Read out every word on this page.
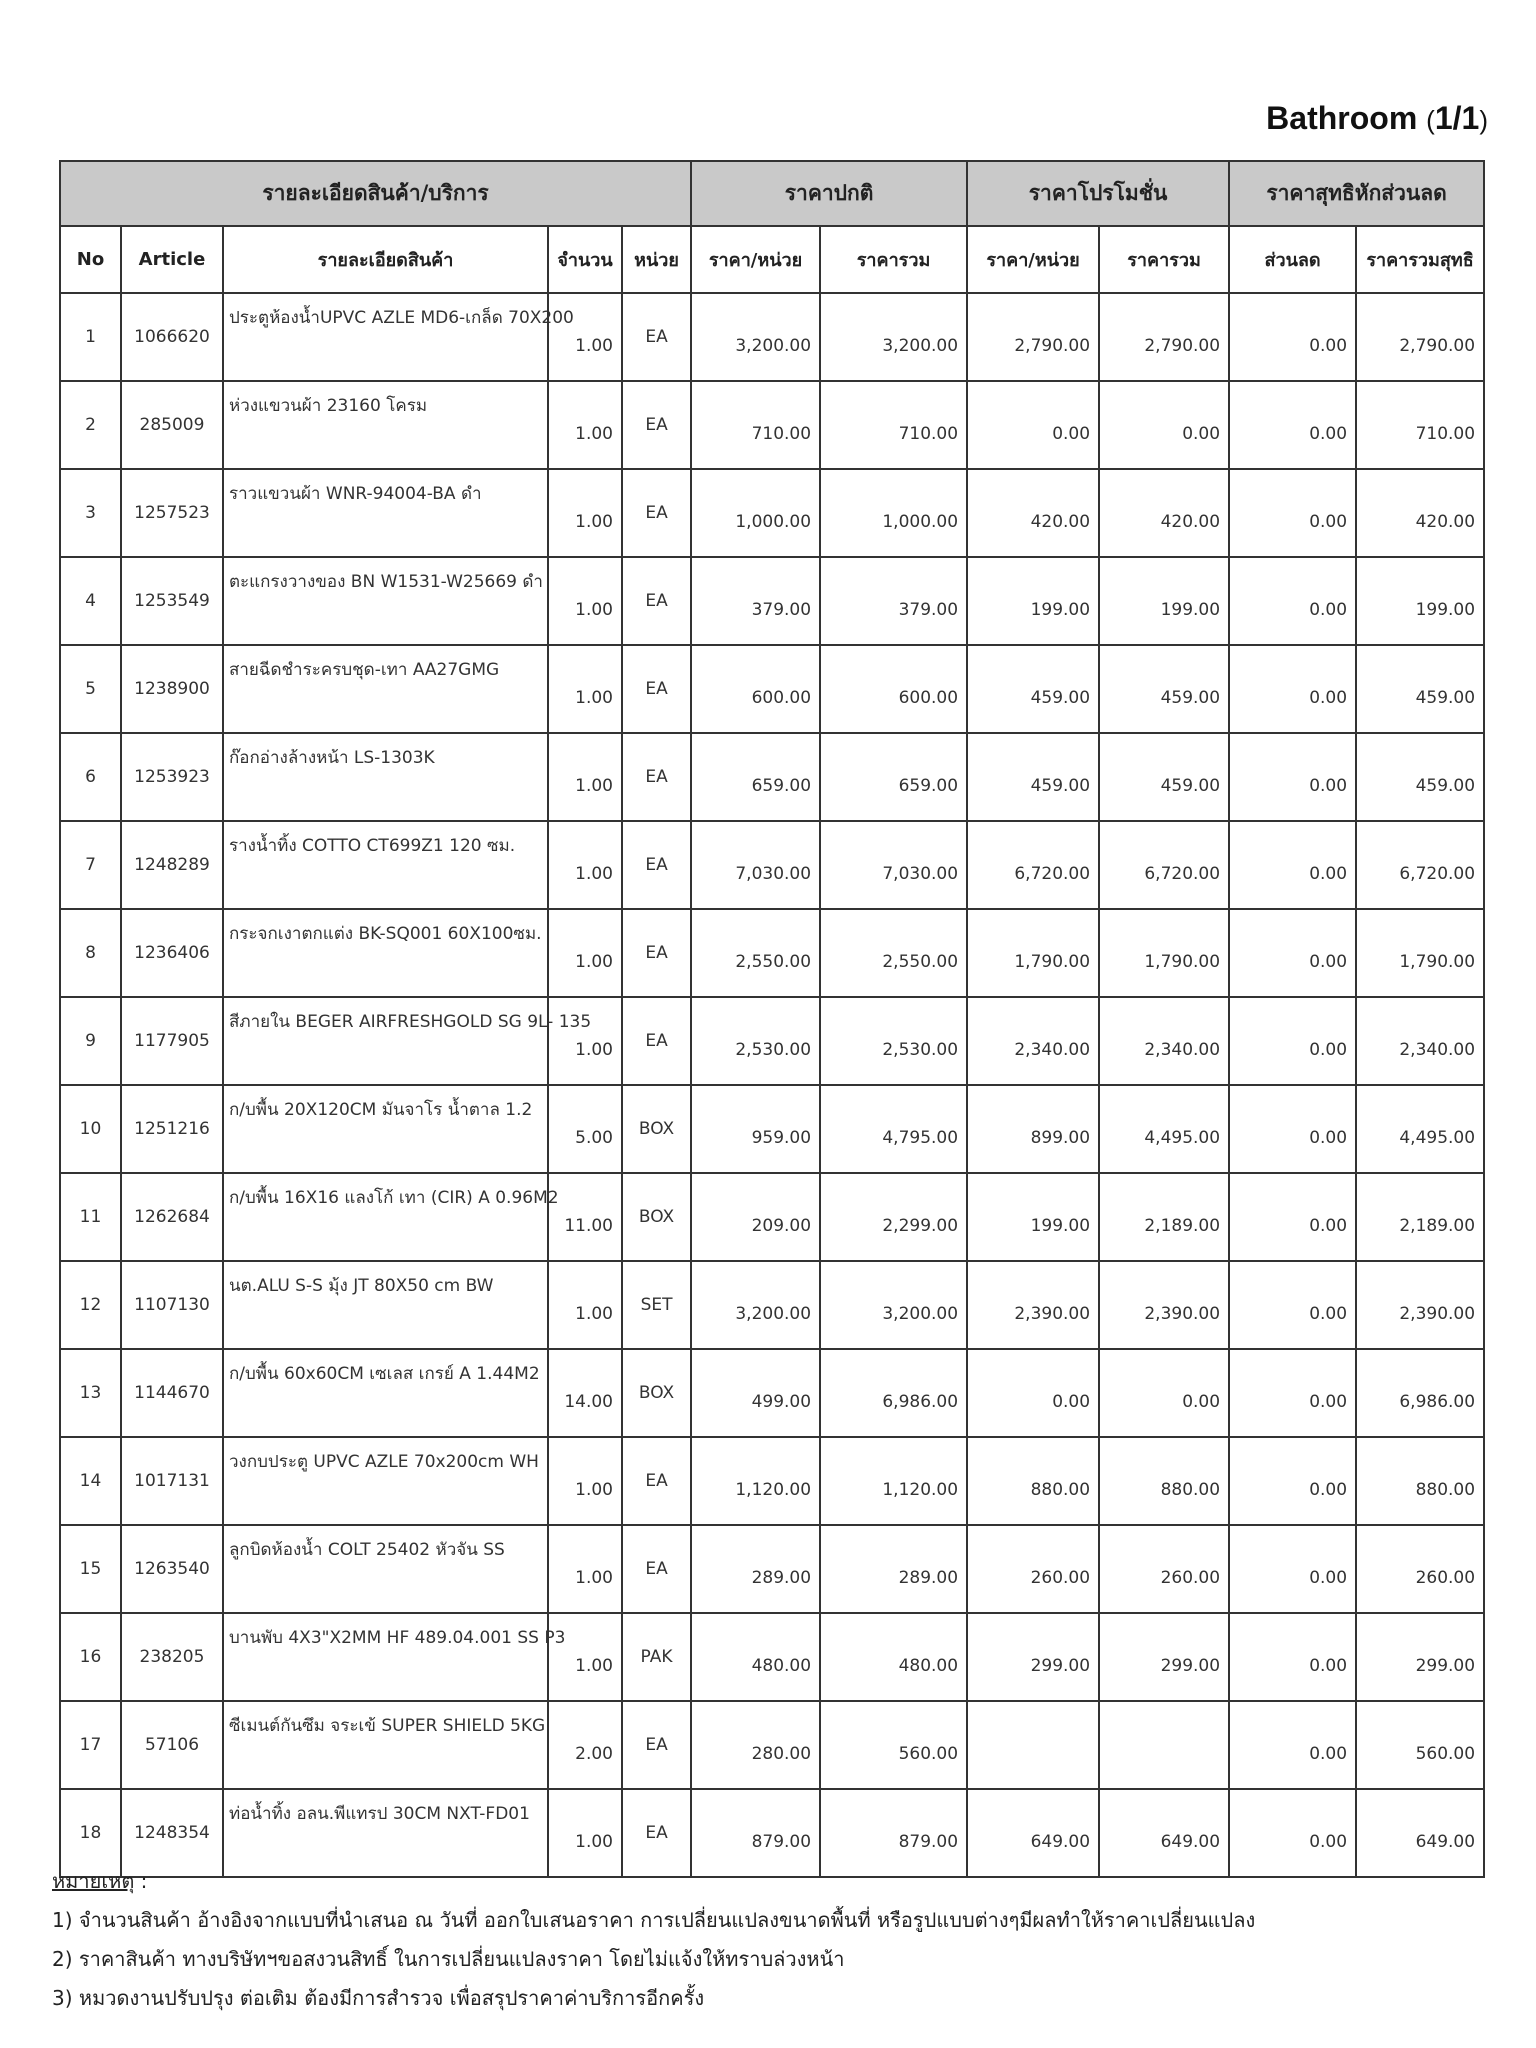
Bathroom (1/1)
รายละเอียดสินค้า/บริการ					ราคาปกติ		ราคาโปรโมชั่น		ราคาสุทธิหักส่วนลด	
No	Article	รายละเอียดสินค้า	จำนวน	หน่วย	ราคา/หน่วย	ราคารวม	ราคา/หน่วย	ราคารวม	ส่วนลด	ราคารวมสุทธิ
1	1066620	ประตูห้องน้ำUPVC AZLE MD6-เกล็ด 70X200	1.00	EA	3,200.00	3,200.00	2,790.00	2,790.00	0.00	2,790.00
2	285009	ห่วงแขวนผ้า 23160 โครม	1.00	EA	710.00	710.00	0.00	0.00	0.00	710.00
3	1257523	ราวแขวนผ้า WNR-94004-BA ดำ	1.00	EA	1,000.00	1,000.00	420.00	420.00	0.00	420.00
4	1253549	ตะแกรงวางของ BN W1531-W25669 ดำ	1.00	EA	379.00	379.00	199.00	199.00	0.00	199.00
5	1238900	สายฉีดชำระครบชุด-เทา AA27GMG	1.00	EA	600.00	600.00	459.00	459.00	0.00	459.00
6	1253923	ก๊อกอ่างล้างหน้า LS-1303K	1.00	EA	659.00	659.00	459.00	459.00	0.00	459.00
7	1248289	รางน้ำทิ้ง COTTO CT699Z1 120 ซม.	1.00	EA	7,030.00	7,030.00	6,720.00	6,720.00	0.00	6,720.00
8	1236406	กระจกเงาตกแต่ง BK-SQ001 60X100ซม.	1.00	EA	2,550.00	2,550.00	1,790.00	1,790.00	0.00	1,790.00
9	1177905	สีภายใน BEGER AIRFRESHGOLD SG 9L- 135	1.00	EA	2,530.00	2,530.00	2,340.00	2,340.00	0.00	2,340.00
10	1251216	ก/บพื้น 20X120CM มันจาโร น้ำตาล 1.2	5.00	BOX	959.00	4,795.00	899.00	4,495.00	0.00	4,495.00
11	1262684	ก/บพื้น 16X16 แลงโก้ เทา (CIR) A 0.96M2	11.00	BOX	209.00	2,299.00	199.00	2,189.00	0.00	2,189.00
12	1107130	นต.ALU S-S มุ้ง JT 80X50 cm BW	1.00	SET	3,200.00	3,200.00	2,390.00	2,390.00	0.00	2,390.00
13	1144670	ก/บพื้น 60x60CM เซเลส เกรย์ A 1.44M2	14.00	BOX	499.00	6,986.00	0.00	0.00	0.00	6,986.00
14	1017131	วงกบประตู UPVC AZLE 70x200cm WH	1.00	EA	1,120.00	1,120.00	880.00	880.00	0.00	880.00
15	1263540	ลูกบิดห้องน้ำ COLT 25402 หัวจัน SS	1.00	EA	289.00	289.00	260.00	260.00	0.00	260.00
16	238205	บานพับ 4X3"X2MM HF 489.04.001 SS P3	1.00	PAK	480.00	480.00	299.00	299.00	0.00	299.00
17	57106	ซีเมนต์กันซึม จระเข้ SUPER SHIELD 5KG	2.00	EA	280.00	560.00			0.00	560.00
18	1248354	ท่อน้ำทิ้ง อลน.พีแทรป 30CM NXT-FD01	1.00	EA	879.00	879.00	649.00	649.00	0.00	649.00
หมายเหตุ :
1) จำนวนสินค้า อ้างอิงจากแบบที่นำเสนอ ณ วันที่ ออกใบเสนอราคา การเปลี่ยนแปลงขนาดพื้นที่ หรือรูปแบบต่างๆมีผลทำให้ราคาเปลี่ยนแปลง
2) ราคาสินค้า ทางบริษัทฯขอสงวนสิทธิ์ ในการเปลี่ยนแปลงราคา โดยไม่แจ้งให้ทราบล่วงหน้า
3) หมวดงานปรับปรุง ต่อเติม ต้องมีการสำรวจ เพื่อสรุปราคาค่าบริการอีกครั้ง
